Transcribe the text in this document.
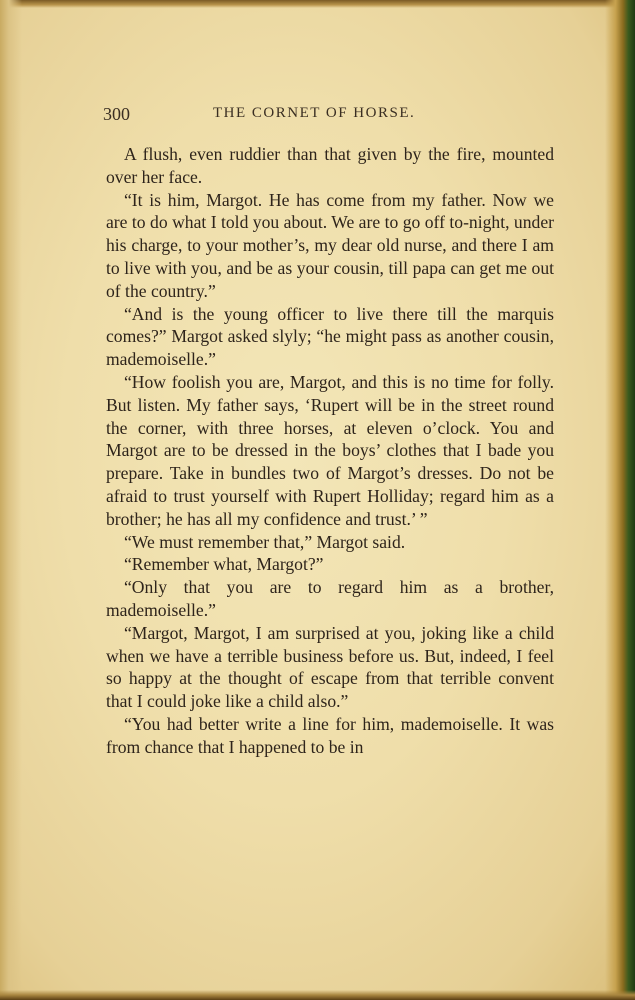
300	THE CORNET OF HORSE.

A flush, even ruddier than that given by the fire, mounted over her face.

“It is him, Margot. He has come from my father. Now we are to do what I told you about. We are to go off to-night, under his charge, to your mother’s, my dear old nurse, and there I am to live with you, and be as your cousin, till papa can get me out of the country.”

“And is the young officer to live there till the marquis comes?” Margot asked slyly; “he might pass as another cousin, mademoiselle.”

“How foolish you are, Margot, and this is no time for folly. But listen. My father says, ‘Rupert will be in the street round the corner, with three horses, at eleven o’clock. You and Margot are to be dressed in the boys’ clothes that I bade you prepare. Take in bundles two of Margot’s dresses. Do not be afraid to trust yourself with Rupert Holliday; regard him as a brother; he has all my confidence and trust.’ ”

“We must remember that,” Margot said.

“Remember what, Margot?”

“Only that you are to regard him as a brother, mademoiselle.”

“Margot, Margot, I am surprised at you, joking like a child when we have a terrible business before us. But, indeed, I feel so happy at the thought of escape from that terrible convent that I could joke like a child also.”

“You had better write a line for him, mademoiselle. It was from chance that I happened to be in
